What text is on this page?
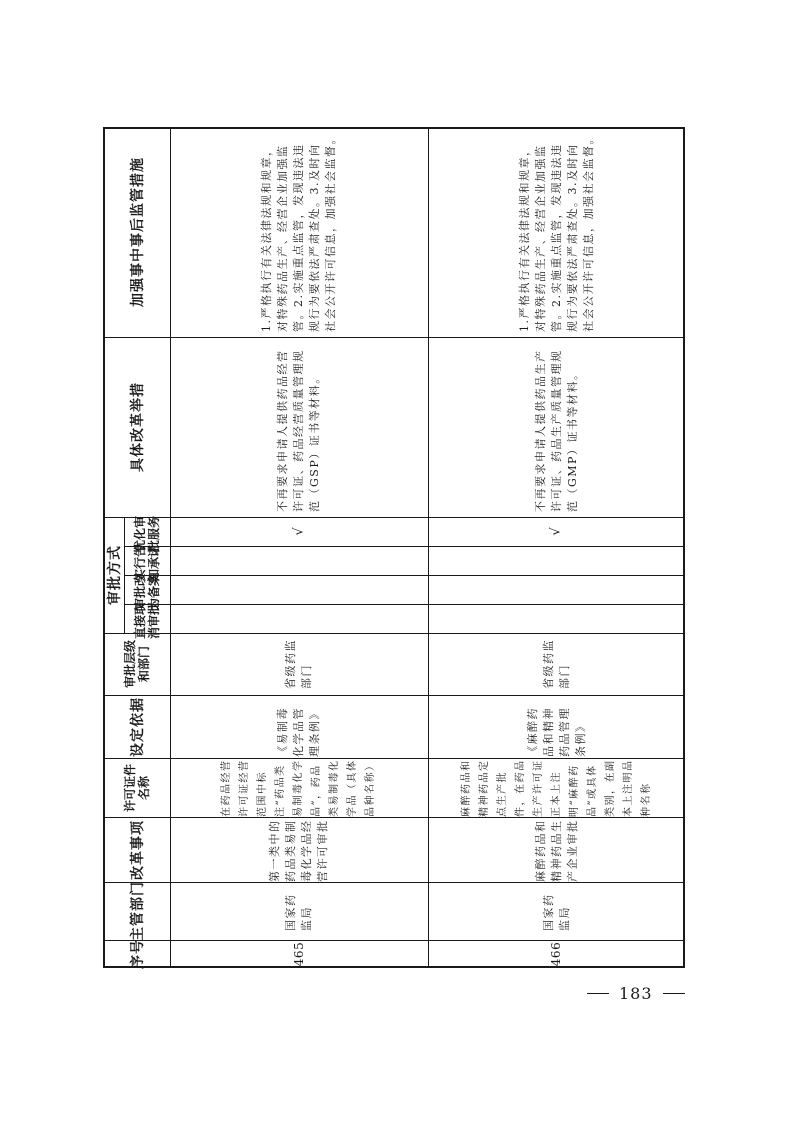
序号
主管部门
改革事项
许可证件名称
设定依据
审批层级和部门
审批方式
直接取消审批
审批改为备案
实行告知承诺
优化审批服务
具体改革举措
加强事中事后监管措施
465
国家药监局
第一类中的药品类易制毒化学品经营许可审批
在药品经营许可证经营范围中标注“药品类易制毒化学品”，药品类易制毒化学品（具体品种名称）
《易制毒化学品管理条例》
省级药监部门
√
不再要求申请人提供药品经营许可证、药品经营质量管理规范（GSP）证书等材料。
1.严格执行有关法律法规和规章，对特殊药品生产、经营企业加强监管。2.实施重点监管，发现违法违规行为要依法严肃查处。3.及时向社会公开许可信息，加强社会监督。
466
国家药监局
麻醉药品和精神药品生产企业审批
麻醉药品和精神药品定点生产批件，在药品生产许可证正本上注明“麻醉药品”或具体类别，在副本上注明品种名称
《麻醉药品和精神药品管理条例》
省级药监部门
√
不再要求申请人提供药品生产许可证、药品生产质量管理规范（GMP）证书等材料。
1.严格执行有关法律法规和规章，对特殊药品生产、经营企业加强监管。2.实施重点监管，发现违法违规行为要依法严肃查处。3.及时向社会公开许可信息，加强社会监督。
183
